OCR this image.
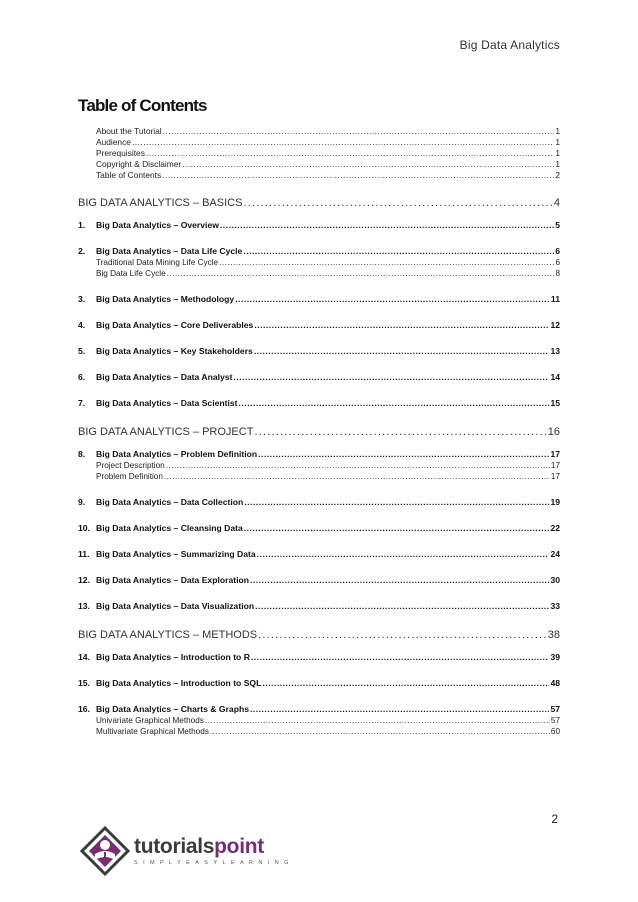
Big Data Analytics
Table of Contents
About the Tutorial .....	1
Audience .....	1
Prerequisites .....	1
Copyright & Disclaimer .....	1
Table of Contents .....	2
BIG DATA ANALYTICS – BASICS .....	4
1.	Big Data Analytics – Overview .....	5
2.	Big Data Analytics – Data Life Cycle .....	6
Traditional Data Mining Life Cycle .....	6
Big Data Life Cycle .....	8
3.	Big Data Analytics – Methodology .....	11
4.	Big Data Analytics – Core Deliverables .....	12
5.	Big Data Analytics – Key Stakeholders .....	13
6.	Big Data Analytics – Data Analyst .....	14
7.	Big Data Analytics – Data Scientist .....	15
BIG DATA ANALYTICS – PROJECT .....	16
8.	Big Data Analytics – Problem Definition .....	17
Project Description .....	17
Problem Definition .....	17
9.	Big Data Analytics – Data Collection .....	19
10. Big Data Analytics – Cleansing Data .....	22
11. Big Data Analytics – Summarizing Data .....	24
12. Big Data Analytics – Data Exploration .....	30
13. Big Data Analytics – Data Visualization .....	33
BIG DATA ANALYTICS – METHODS .....	38
14. Big Data Analytics – Introduction to R .....	39
15. Big Data Analytics – Introduction to SQL .....	48
16. Big Data Analytics – Charts & Graphs .....	57
Univariate Graphical Methods .....	57
Multivariate Graphical Methods .....	60
2
tutorialspoint
SIMPLYEASYLEARNING
